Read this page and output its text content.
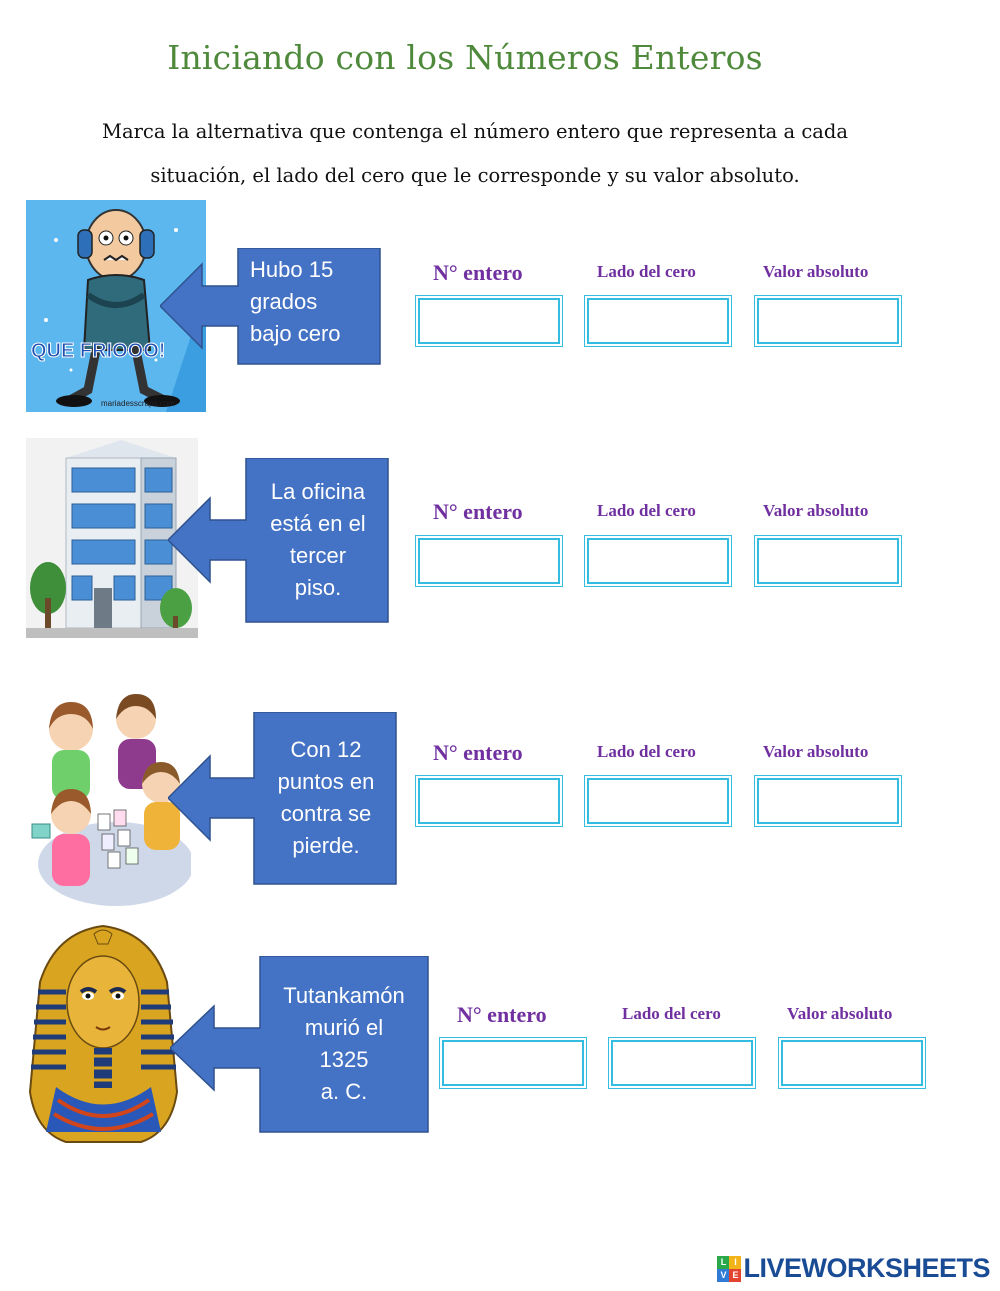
Iniciando con los Números Enteros
Marca la alternativa que contenga el número entero que representa a cada
situación, el lado del cero que le corresponde y su valor absoluto.
QUE FRIOOO!
mariadesscraps.com
Hubo 15
grados
bajo cero
N° entero	Lado del cero	Valor absoluto
La oficina
está en el
tercer
piso.
N° entero	Lado del cero	Valor absoluto
Con 12
puntos en
contra se
pierde.
N° entero	Lado del cero	Valor absoluto
Tutankamón
murió el
1325
a. C.
N° entero	Lado del cero	Valor absoluto
L I
V E LIVEWORKSHEETS
